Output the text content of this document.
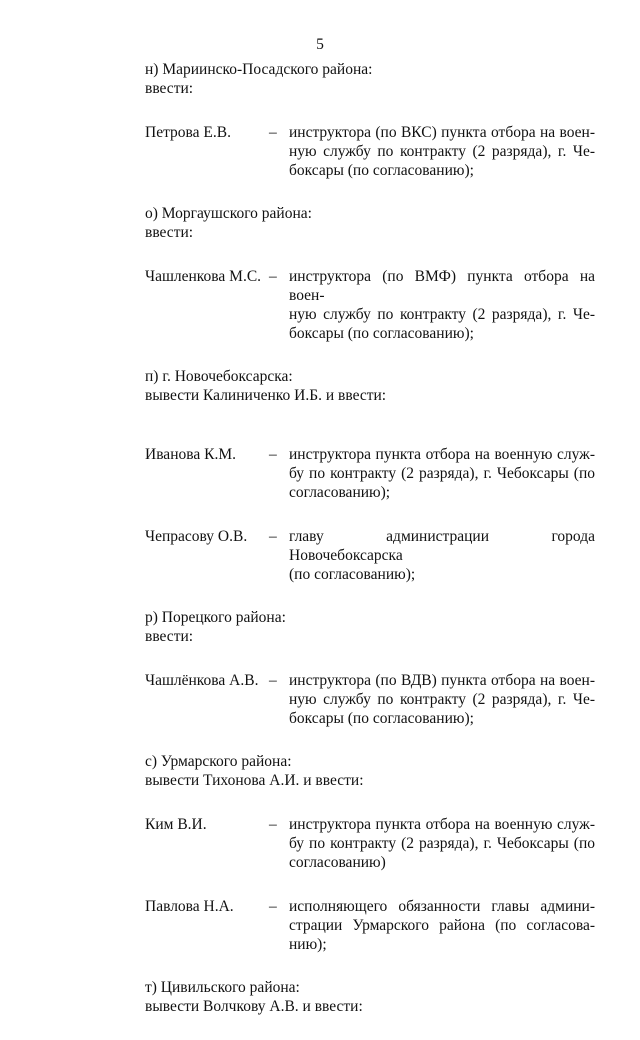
5
н) Мариинско-Посадского района:
ввести:
Петрова Е.В.	– инструктора (по ВКС) пункта отбора на воен-
ную службу по контракту (2 разряда), г. Че-
боксары (по согласованию);
о) Моргаушского района:
ввести:
Чашленкова М.С. – инструктора (по ВМФ) пункта отбора на воен-
ную службу по контракту (2 разряда), г. Че-
боксары (по согласованию);
п) г. Новочебоксарска:
вывести Калиниченко И.Б. и ввести:
Иванова К.М.	– инструктора пункта отбора на военную служ-
бу по контракту (2 разряда), г. Чебоксары (по
согласованию);
Чепрасову О.В.	– главу администрации города Новочебоксарска
(по согласованию);
р) Порецкого района:
ввести:
Чашлёнкова А.В. – инструктора (по ВДВ) пункта отбора на воен-
ную службу по контракту (2 разряда), г. Че-
боксары (по согласованию);
с) Урмарского района:
вывести Тихонова А.И. и ввести:
Ким В.И.	– инструктора пункта отбора на военную служ-
бу по контракту (2 разряда), г. Чебоксары (по
согласованию)
Павлова Н.А.	– исполняющего обязанности главы админи-
страции Урмарского района (по согласова-
нию);
т) Цивильского района:
вывести Волчкову А.В. и ввести:
